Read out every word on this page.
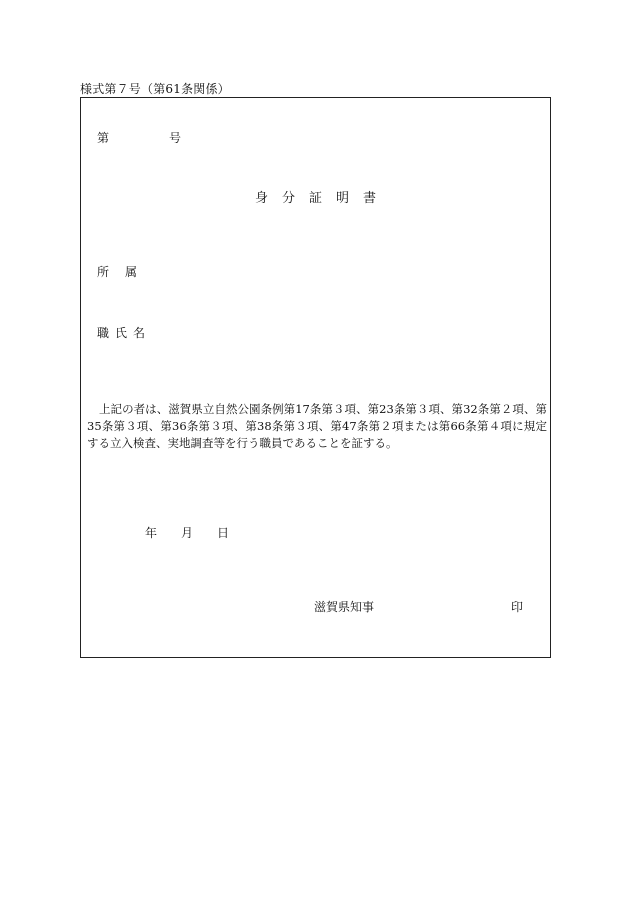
様式第７号（第61条関係）
第	号
身分証明書
所属
職氏名
上記の者は、滋賀県立自然公園条例第17条第３項、第23条第３項、第32条第２項、第35条第３項、第36条第３項、第38条第３項、第47条第２項または第66条第４項に規定する立入検査、実地調査等を行う職員であることを証する。
年 月 日
滋賀県知事	印
